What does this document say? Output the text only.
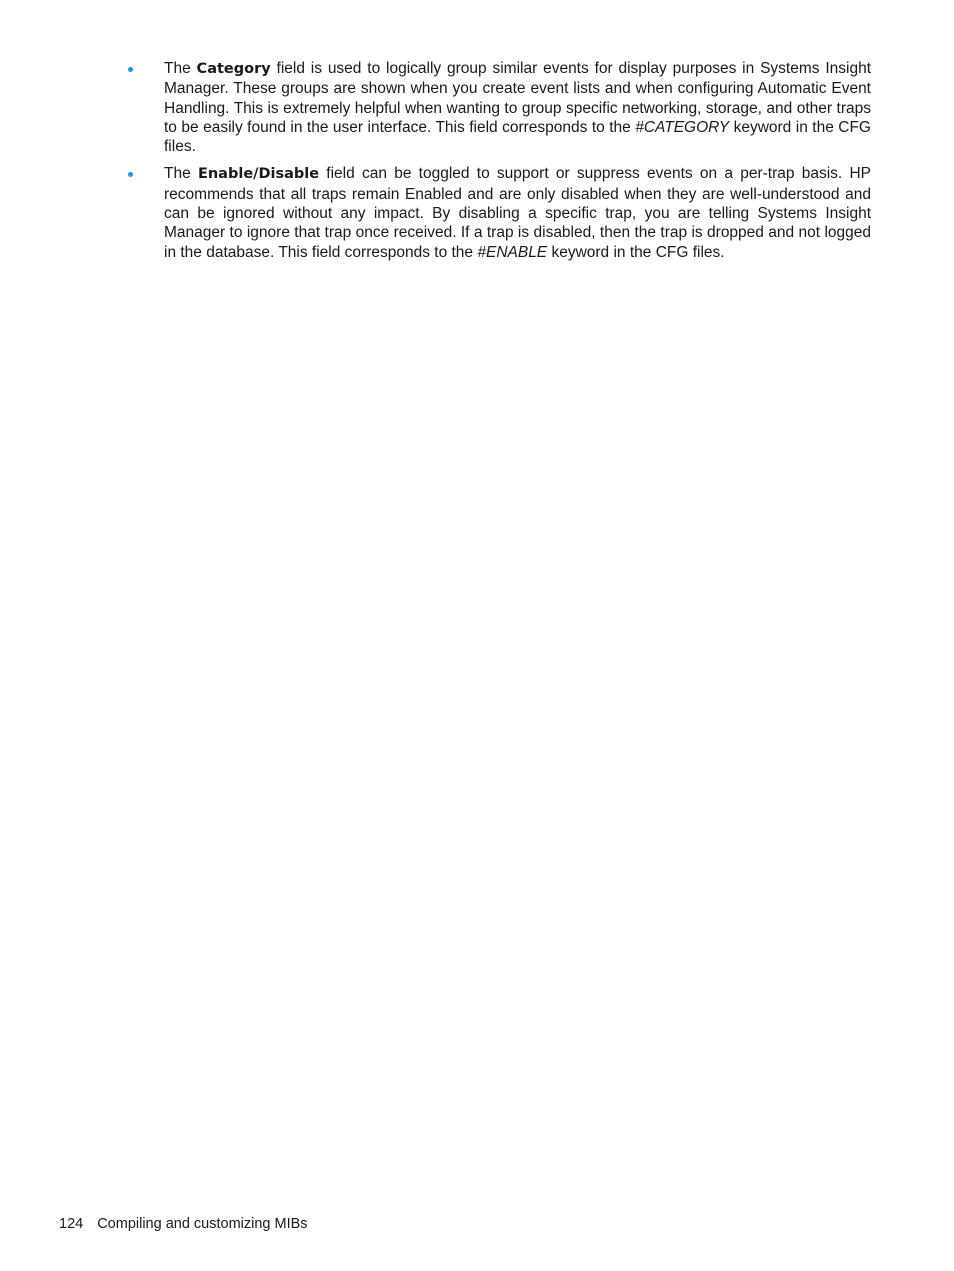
The Category field is used to logically group similar events for display purposes in Systems Insight Manager. These groups are shown when you create event lists and when configuring Automatic Event Handling. This is extremely helpful when wanting to group specific networking, storage, and other traps to be easily found in the user interface. This field corresponds to the #CATEGORY keyword in the CFG files.
The Enable/Disable field can be toggled to support or suppress events on a per-trap basis. HP recommends that all traps remain Enabled and are only disabled when they are well-understood and can be ignored without any impact. By disabling a specific trap, you are telling Systems Insight Manager to ignore that trap once received. If a trap is disabled, then the trap is dropped and not logged in the database. This field corresponds to the #ENABLE keyword in the CFG files.
124 Compiling and customizing MIBs
